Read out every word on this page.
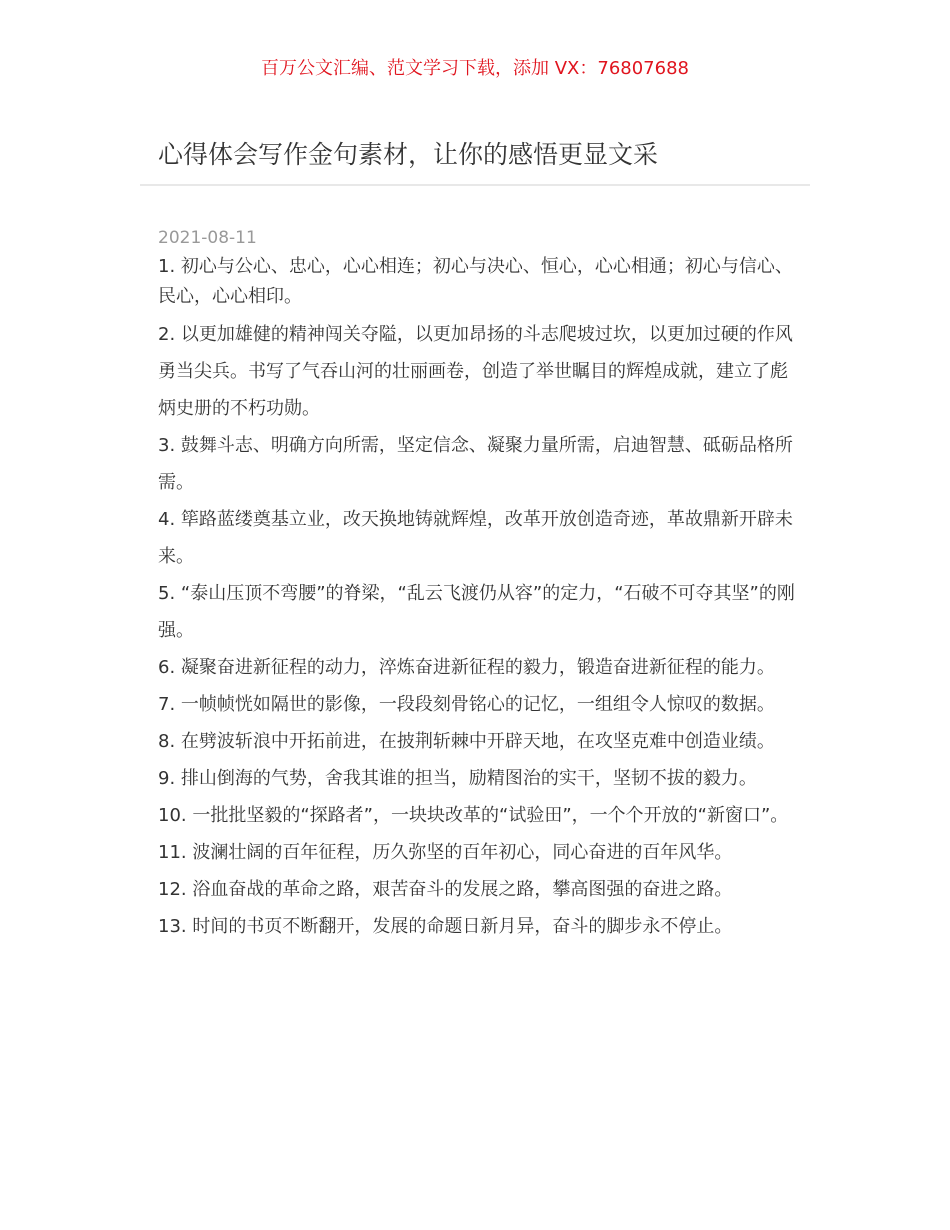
百万公文汇编、范文学习下载，添加 VX：76807688
心得体会写作金句素材，让你的感悟更显文采
2021-08-11

1. 初心与公心、忠心，心心相连；初心与决心、恒心，心心相通；初心与信心、民心，心心相印。

2. 以更加雄健的精神闯关夺隘，以更加昂扬的斗志爬坡过坎，以更加过硬的作风勇当尖兵。书写了气吞山河的壮丽画卷，创造了举世瞩目的辉煌成就，建立了彪炳史册的不朽功勋。

3. 鼓舞斗志、明确方向所需，坚定信念、凝聚力量所需，启迪智慧、砥砺品格所需。

4. 筚路蓝缕奠基立业，改天换地铸就辉煌，改革开放创造奇迹，革故鼎新开辟未来。

5. “泰山压顶不弯腰”的脊梁，“乱云飞渡仍从容”的定力，“石破不可夺其坚”的刚强。

6. 凝聚奋进新征程的动力，淬炼奋进新征程的毅力，锻造奋进新征程的能力。

7. 一帧帧恍如隔世的影像，一段段刻骨铭心的记忆，一组组令人惊叹的数据。

8. 在劈波斩浪中开拓前进，在披荆斩棘中开辟天地，在攻坚克难中创造业绩。

9. 排山倒海的气势，舍我其谁的担当，励精图治的实干，坚韧不拔的毅力。

10. 一批批坚毅的“探路者”，一块块改革的“试验田”，一个个开放的“新窗口”。

11. 波澜壮阔的百年征程，历久弥坚的百年初心，同心奋进的百年风华。

12. 浴血奋战的革命之路，艰苦奋斗的发展之路，攀高图强的奋进之路。

13. 时间的书页不断翻开，发展的命题日新月异，奋斗的脚步永不停止。
